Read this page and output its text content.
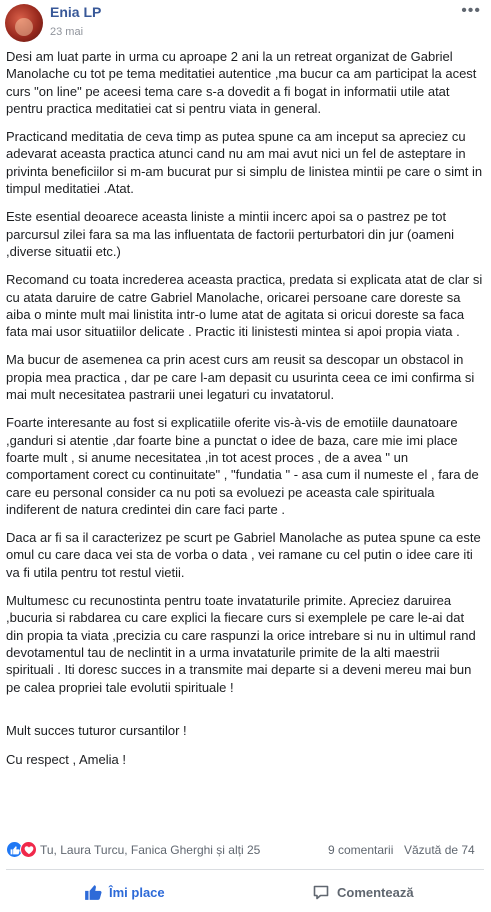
Enia LP
23 mai
•••

Desi am luat parte in urma cu aproape 2 ani la un retreat organizat de Gabriel Manolache cu tot pe tema meditatiei autentice ,ma bucur ca am participat la acest curs "on line" pe aceesi tema care s-a dovedit a fi bogat in informatii utile atat pentru practica meditatiei cat si pentru viata in general.

Practicand meditatia de ceva timp as putea spune ca am inceput sa apreciez cu adevarat aceasta practica atunci cand nu am mai avut nici un fel de asteptare in privinta beneficiilor si m-am bucurat pur si simplu de linistea mintii pe care o simt in timpul meditatiei .Atat.

Este esential deoarece aceasta liniste a mintii incerc apoi sa o pastrez pe tot parcursul zilei fara sa ma las influentata de factorii perturbatori din jur (oameni ,diverse situatii etc.)

Recomand cu toata increderea aceasta practica, predata si explicata atat de clar si cu atata daruire de catre Gabriel Manolache, oricarei persoane care doreste sa aiba o minte mult mai linistita intr-o lume atat de agitata si oricui doreste sa faca fata mai usor situatiilor delicate . Practic iti linistesti mintea si apoi propia viata .

Ma bucur de asemenea ca prin acest curs am reusit sa descopar un obstacol in propia mea practica , dar pe care l-am depasit cu usurinta ceea ce imi confirma si mai mult necesitatea pastrarii unei legaturi cu invatatorul.

Foarte interesante au fost si explicatiile oferite vis-à-vis de emotiile daunatoare ,ganduri si atentie ,dar foarte bine a punctat o idee de baza, care mie imi place foarte mult , si anume necesitatea ,in tot acest proces , de a avea " un comportament corect cu continuitate" , "fundatia " - asa cum il numeste el , fara de care eu personal consider ca nu poti sa evoluezi pe aceasta cale spirituala indiferent de natura credintei din care faci parte .

Daca ar fi sa il caracterizez pe scurt pe Gabriel Manolache as putea spune ca este omul cu care daca vei sta de vorba o data , vei ramane cu cel putin o idee care iti va fi utila pentru tot restul vietii.

Multumesc cu recunostinta pentru toate invataturile primite. Apreciez daruirea ,bucuria si rabdarea cu care explici la fiecare curs si exemplele pe care le-ai dat din propia ta viata ,precizia cu care raspunzi la orice intrebare si nu in ultimul rand devotamentul tau de neclintit in a urma invataturile primite de la alti maestrii spirituali . Iti doresc succes in a transmite mai departe si a deveni mereu mai bun pe calea propriei tale evolutii spirituale !

Mult succes tuturor cursantilor !

Cu respect , Amelia !

Tu, Laura Turcu, Fanica Gherghi și alți 25	9 comentarii Văzută de 74
Îmi place	Comentează
